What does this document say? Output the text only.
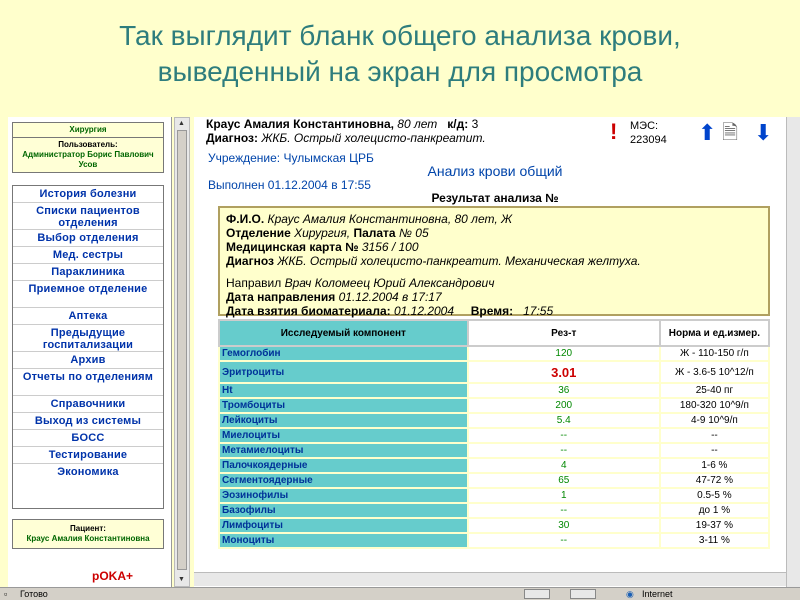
Так выглядит бланк общего анализа крови,
выведенный на экран для просмотра
Хирургия
Пользователь:
Администратор Борис Павлович Усов
История болезни
Списки пациентов отделения
Выбор отделения
Мед. сестры
Параклиника
Приемное отделение
Аптека
Предыдущие госпитализации
Архив
Отчеты по отделениям
Справочники
Выход из системы
БОСС
Тестирование
Экономика
Пациент:
Краус Амалия Константиновна
pOKA+
▲
▼
Краус Амалия Константиновна, 80 лет к/д: 3
Диагноз: ЖКБ. Острый холецисто-панкреатит.	! МЭС:
223094 ⬆ 🗎 ⬇
Учреждение: Чулымская ЦРБ
Анализ крови общий
Выполнен 01.12.2004 в 17:55
Результат анализа №
Ф.И.О. Краус Амалия Константиновна, 80 лет, Ж
Отделение Хирургия, Палата № 05
Медицинская карта № 3156 / 100
Диагноз ЖКБ. Острый холецисто-панкреатит. Механическая желтуха.
Направил Врач Коломеец Юрий Александрович
Дата направления 01.12.2004 в 17:17
Дата взятия биоматериала: 01.12.2004 Время: 17:55
Исследуемый компонент	Рез-т	Норма и ед.измер.
Гемоглобин	120	Ж - 110-150 г/п
Эритроциты	3.01	Ж - 3.6-5 10^12/п
Ht	36	25-40 пг
Тромбоциты	200	180-320 10^9/п
Лейкоциты	5.4	4-9 10^9/п
Миелоциты	--	--
Метамиелоциты	--	--
Палочкоядерные	4	1-6 %
Сегментоядерные	65	47-72 %
Эозинофилы	1	0.5-5 %
Базофилы	--	до 1 %
Лимфоциты	30	19-37 %
Моноциты	--	3-11 %
▫ Готово	◉ Internet
